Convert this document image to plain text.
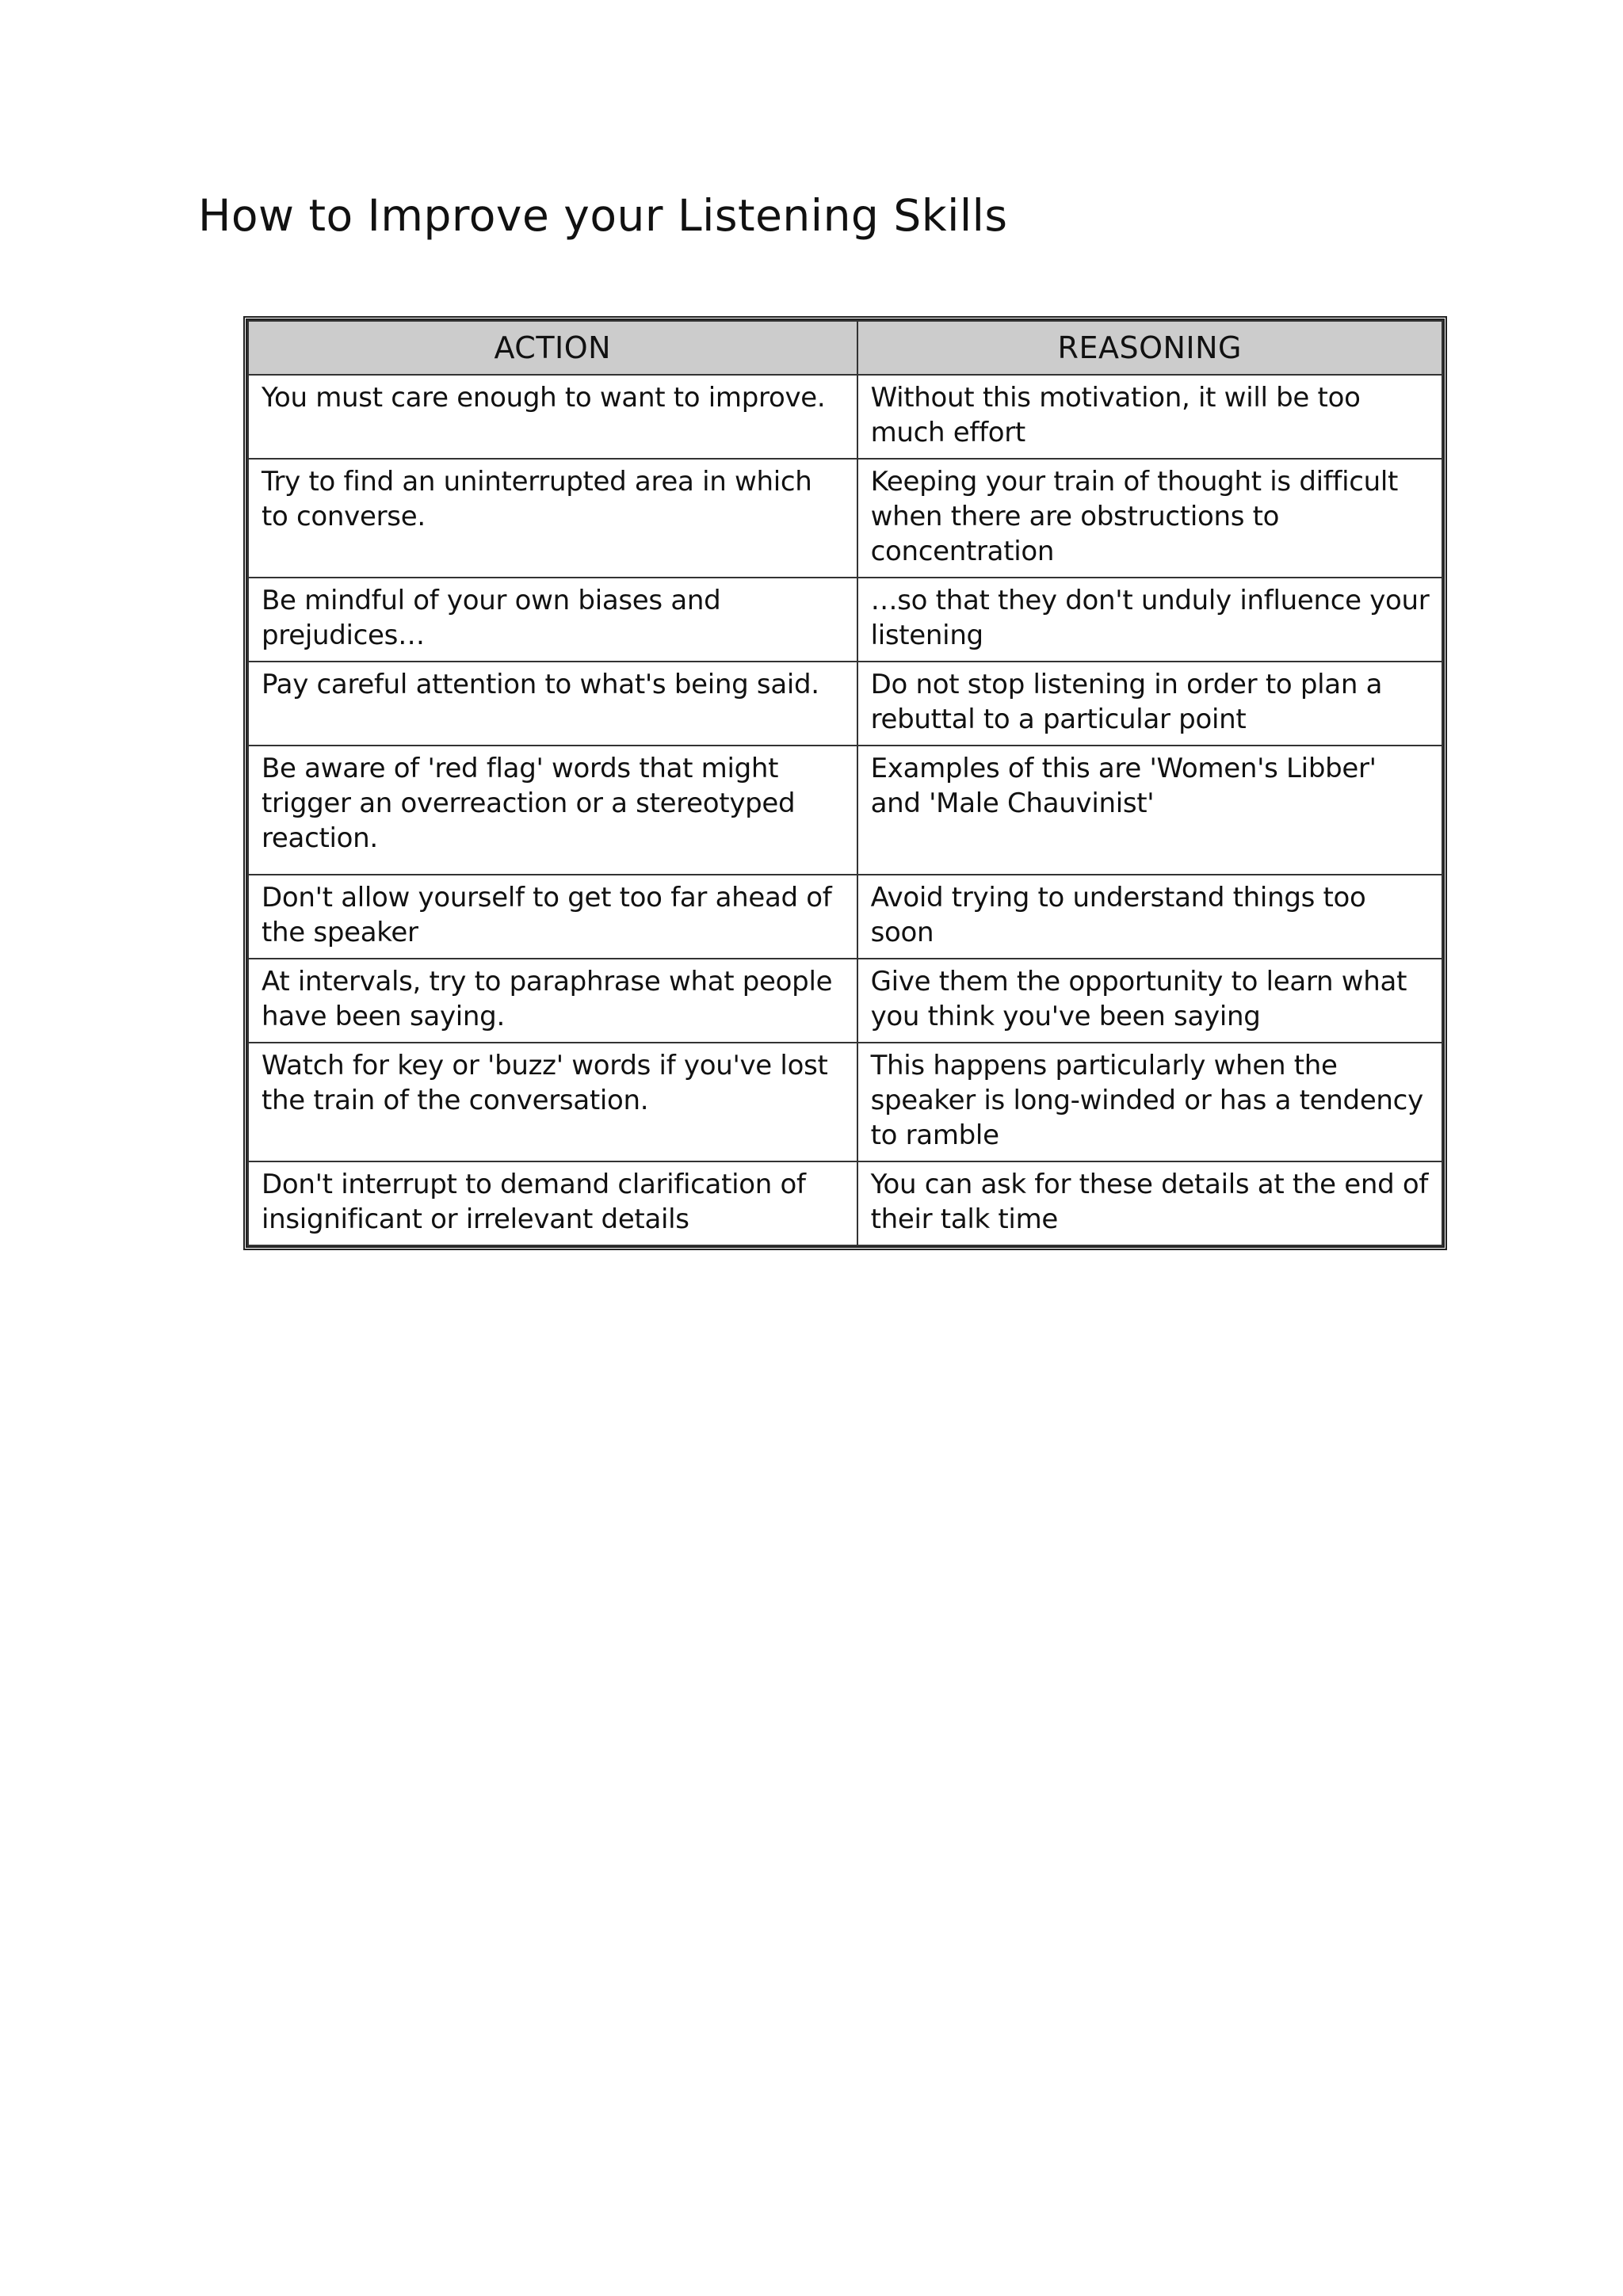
How to Improve your Listening Skills
ACTION	REASONING
You must care enough to want to improve.	Without this motivation, it will be too much effort
Try to find an uninterrupted area in which to converse.	Keeping your train of thought is difficult when there are obstructions to concentration
Be mindful of your own biases and prejudices…	…so that they don't unduly influence your listening
Pay careful attention to what's being said.	Do not stop listening in order to plan a rebuttal to a particular point
Be aware of 'red flag' words that might trigger an overreaction or a stereotyped reaction.	Examples of this are 'Women's Libber' and 'Male Chauvinist'
Don't allow yourself to get too far ahead of the speaker	Avoid trying to understand things too soon
At intervals, try to paraphrase what people have been saying.	Give them the opportunity to learn what you think you've been saying
Watch for key or 'buzz' words if you've lost the train of the conversation.	This happens particularly when the speaker is long-winded or has a tendency to ramble
Don't interrupt to demand clarification of insignificant or irrelevant details	You can ask for these details at the end of their talk time
